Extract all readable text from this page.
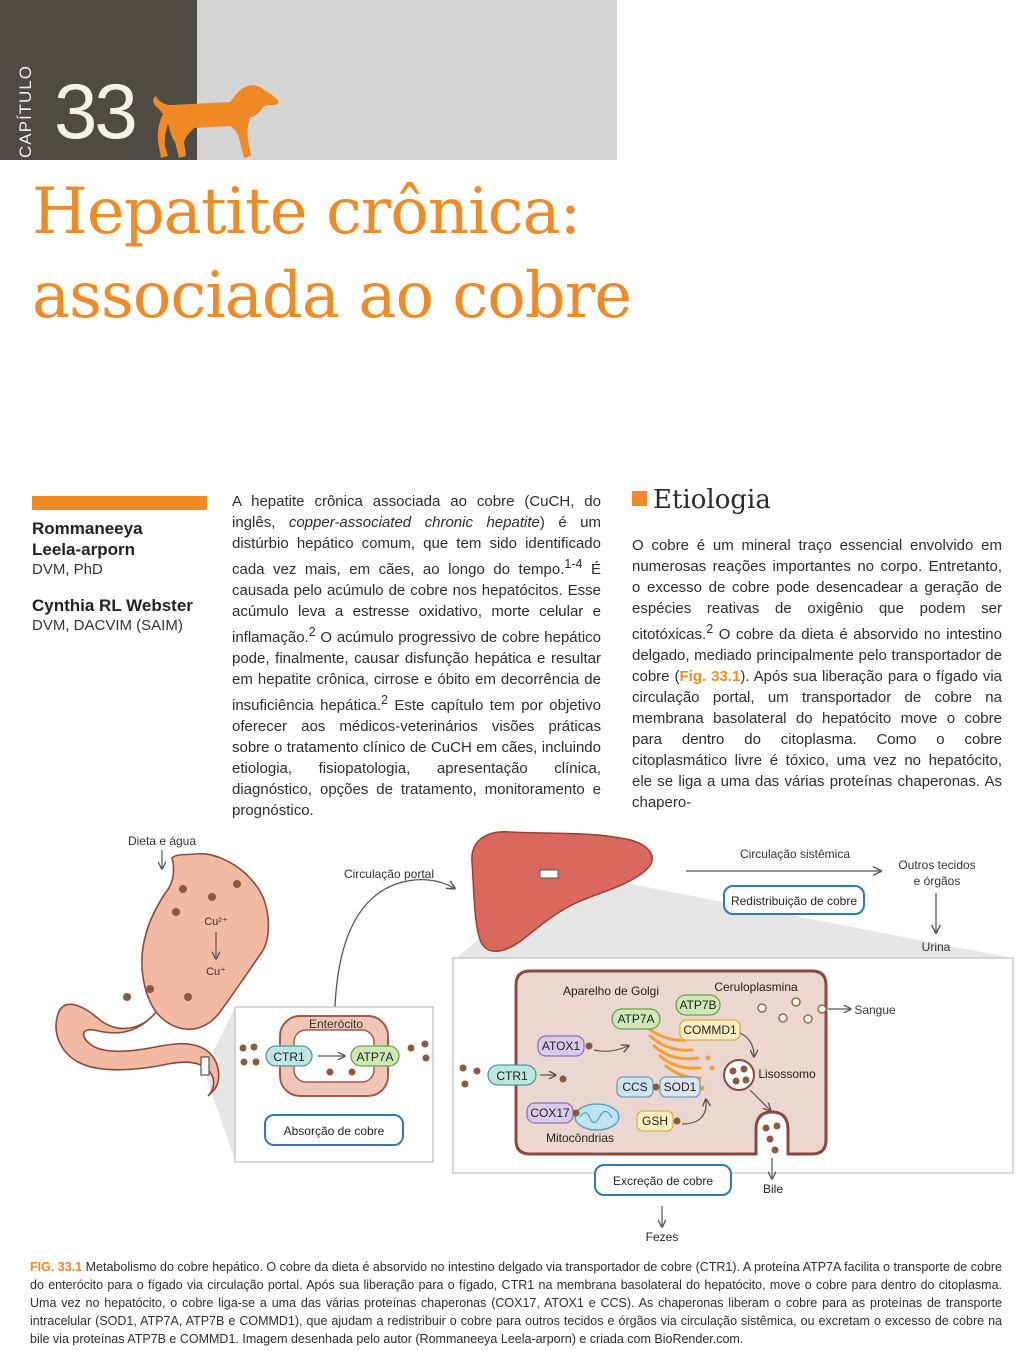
CAPÍTULO 33
Hepatite crônica:
associada ao cobre
Rommaneeya
Leela-arporn
DVM, PhD
Cynthia RL Webster
DVM, DACVIM (SAIM)
A hepatite crônica associada ao cobre (CuCH, do inglês, copper-associated chronic hepatite) é um distúrbio hepático comum, que tem sido identificado cada vez mais, em cães, ao longo do tempo.$^{1-4}$ É causada pelo acúmulo de cobre nos hepatócitos. Esse acúmulo leva a estresse oxidativo, morte celular e inflamação.$^2$ O acúmulo progressivo de cobre hepático pode, finalmente, causar disfunção hepática e resultar em hepatite crônica, cirrose e óbito em decorrência de insuficiência hepática.$^2$ Este capítulo tem por objetivo oferecer aos médicos-veterinários visões práticas sobre o tratamento clínico de CuCH em cães, incluindo etiologia, fisiopatologia, apresentação clínica, diagnóstico, opções de tratamento, monitoramento e prognóstico.
Etiologia
O cobre é um mineral traço essencial envolvido em numerosas reações importantes no corpo. Entretanto, o excesso de cobre pode desencadear a geração de espécies reativas de oxigênio que podem ser citotóxicas.$^2$ O cobre da dieta é absorvido no intestino delgado, mediado principalmente pelo transportador de cobre (Fig. 33.1). Após sua liberação para o fígado via circulação portal, um transportador de cobre na membrana basolateral do hepatócito move o cobre para dentro do citoplasma. Como o cobre citoplasmático livre é tóxico, uma vez no hepatócito, ele se liga a uma das várias proteínas chaperonas. As chapero-
Dieta e água
Cu²⁺
Cu⁺
Circulação portal
Enterócito
CTR1	ATP7A
Absorção de cobre
Circulação sistêmica
Redistribuição de cobre
Outros tecidos
e órgãos
Urina
Aparelho de Golgi	Ceruloplasmina
ATP7B
ATP7A
COMMD1
ATOX1
CTR1
CCS SOD1
COX17
Mitocôndrias
GSH
Sangue
Lisossomo
Bile
Excreção de cobre
Fezes
FIG. 33.1 Metabolismo do cobre hepático. O cobre da dieta é absorvido no intestino delgado via transportador de cobre (CTR1). A proteína ATP7A facilita o transporte de cobre do enterócito para o fígado via circulação portal. Após sua liberação para o fígado, CTR1 na membrana basolateral do hepatócito, move o cobre para dentro do citoplasma. Uma vez no hepatócito, o cobre liga-se a uma das várias proteínas chaperonas (COX17, ATOX1 e CCS). As chaperonas liberam o cobre para as proteínas de transporte intracelular (SOD1, ATP7A, ATP7B e COMMD1), que ajudam a redistribuir o cobre para outros tecidos e órgãos via circulação sistêmica, ou excretam o excesso de cobre na bile via proteínas ATP7B e COMMD1. Imagem desenhada pelo autor (Rommaneeya Leela-arporn) e criada com BioRender.com.
